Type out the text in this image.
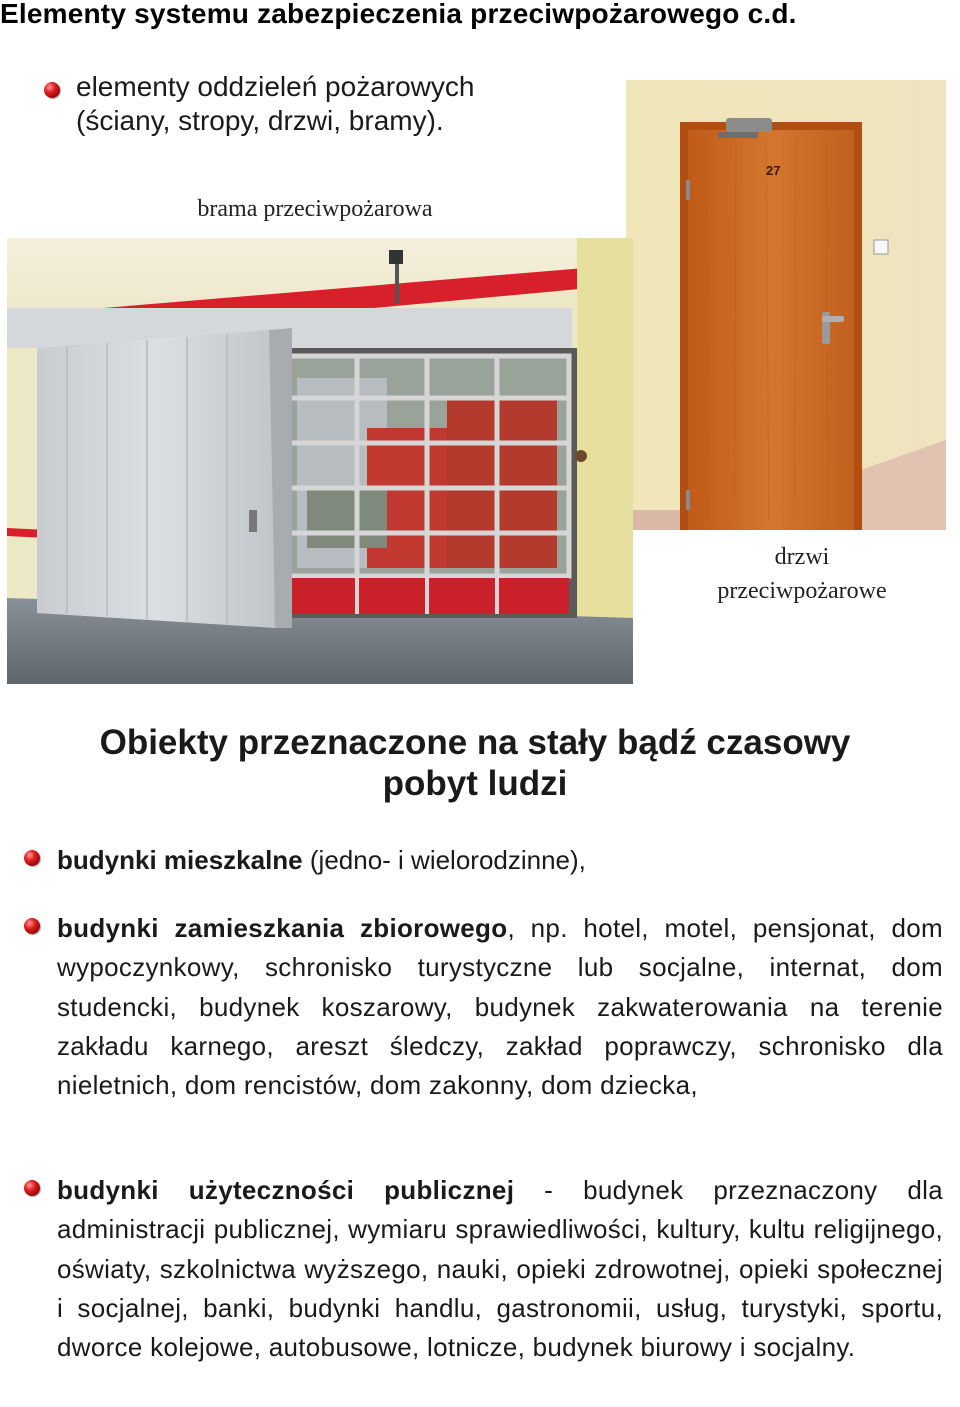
Elementy systemu zabezpieczenia przeciwpożarowego c.d.
elementy oddzieleń pożarowych
(ściany, stropy, drzwi, bramy).
brama przeciwpożarowa
27
drzwi
przeciwpożarowe
Obiekty przeznaczone na stały bądź czasowy
pobyt ludzi
budynki mieszkalne (jedno- i wielorodzinne),
budynki zamieszkania zbiorowego, np. hotel, motel, pensjonat, dom wypoczynkowy, schronisko turystyczne lub socjalne, internat, dom studencki, budynek koszarowy, budynek zakwaterowania na terenie zakładu karnego, areszt śledczy, zakład poprawczy, schronisko dla nieletnich, dom rencistów, dom zakonny, dom dziecka,
budynki użyteczności publicznej - budynek przeznaczony dla administracji publicznej, wymiaru sprawiedliwości, kultury, kultu religijnego, oświaty, szkolnictwa wyższego, nauki, opieki zdrowotnej, opieki społecznej i socjalnej, banki, budynki handlu, gastronomii, usług, turystyki, sportu, dworce kolejowe, autobusowe, lotnicze, budynek biurowy i socjalny.
